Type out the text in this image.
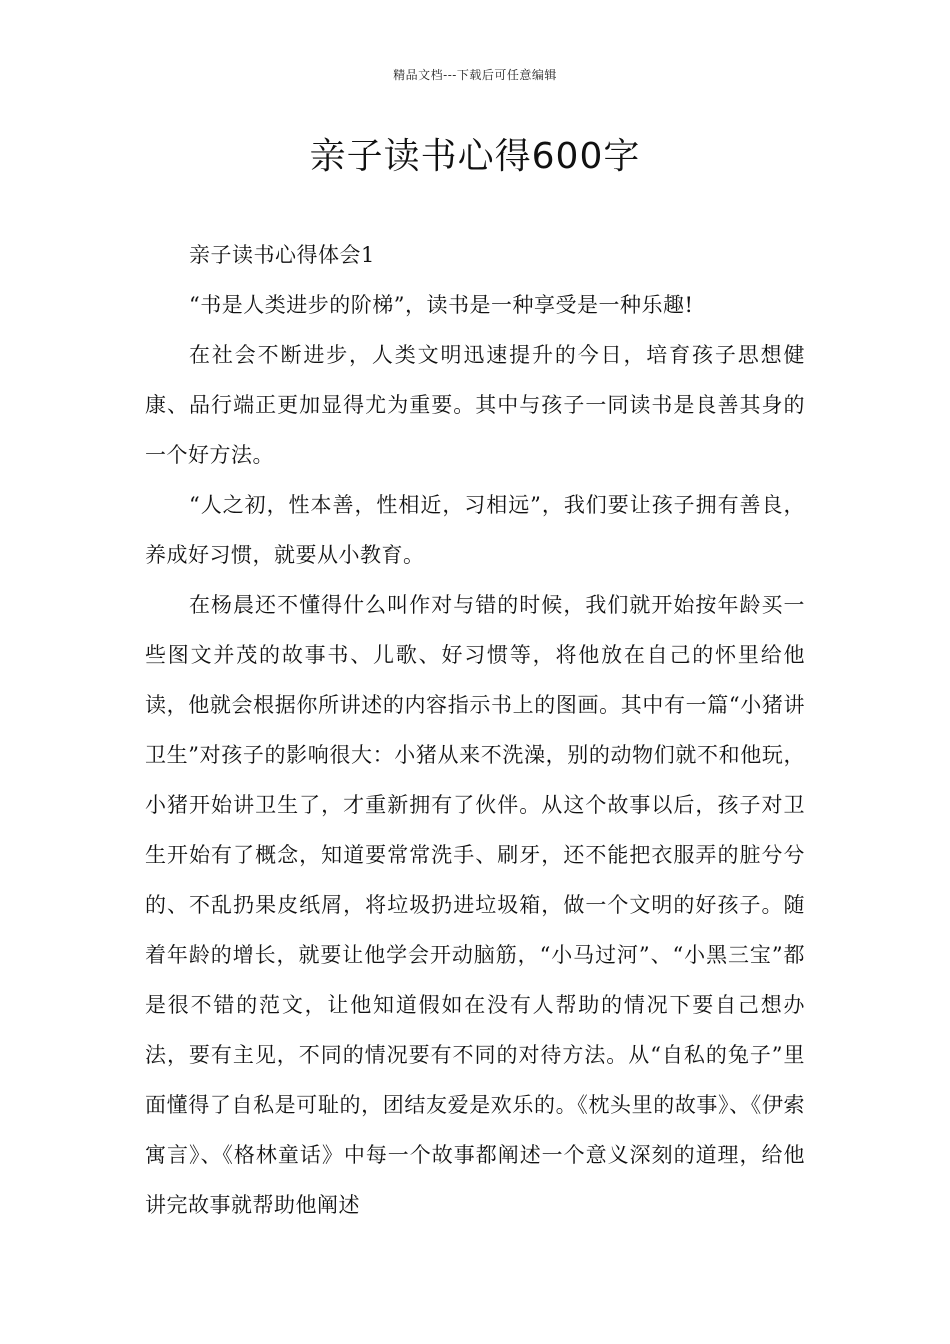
精品文档---下载后可任意编辑
亲子读书心得600字

亲子读书心得体会1

“书是人类进步的阶梯”，读书是一种享受是一种乐趣!

在社会不断进步，人类文明迅速提升的今日，培育孩子思想健康、品行端正更加显得尤为重要。其中与孩子一同读书是良善其身的一个好方法。

“人之初，性本善，性相近，习相远”，我们要让孩子拥有善良，养成好习惯，就要从小教育。

在杨晨还不懂得什么叫作对与错的时候，我们就开始按年龄买一些图文并茂的故事书、儿歌、好习惯等，将他放在自己的怀里给他读，他就会根据你所讲述的内容指示书上的图画。其中有一篇“小猪讲卫生”对孩子的影响很大：小猪从来不洗澡，别的动物们就不和他玩，小猪开始讲卫生了，才重新拥有了伙伴。从这个故事以后，孩子对卫生开始有了概念，知道要常常洗手、刷牙，还不能把衣服弄的脏兮兮的、不乱扔果皮纸屑，将垃圾扔进垃圾箱，做一个文明的好孩子。随着年龄的增长，就要让他学会开动脑筋，“小马过河”、“小黑三宝”都是很不错的范文，让他知道假如在没有人帮助的情况下要自己想办法，要有主见，不同的情况要有不同的对待方法。从“自私的兔子”里面懂得了自私是可耻的，团结友爱是欢乐的。《枕头里的故事》、《伊索寓言》、《格林童话》中每一个故事都阐述一个意义深刻的道理，给他讲完故事就帮助他阐述
